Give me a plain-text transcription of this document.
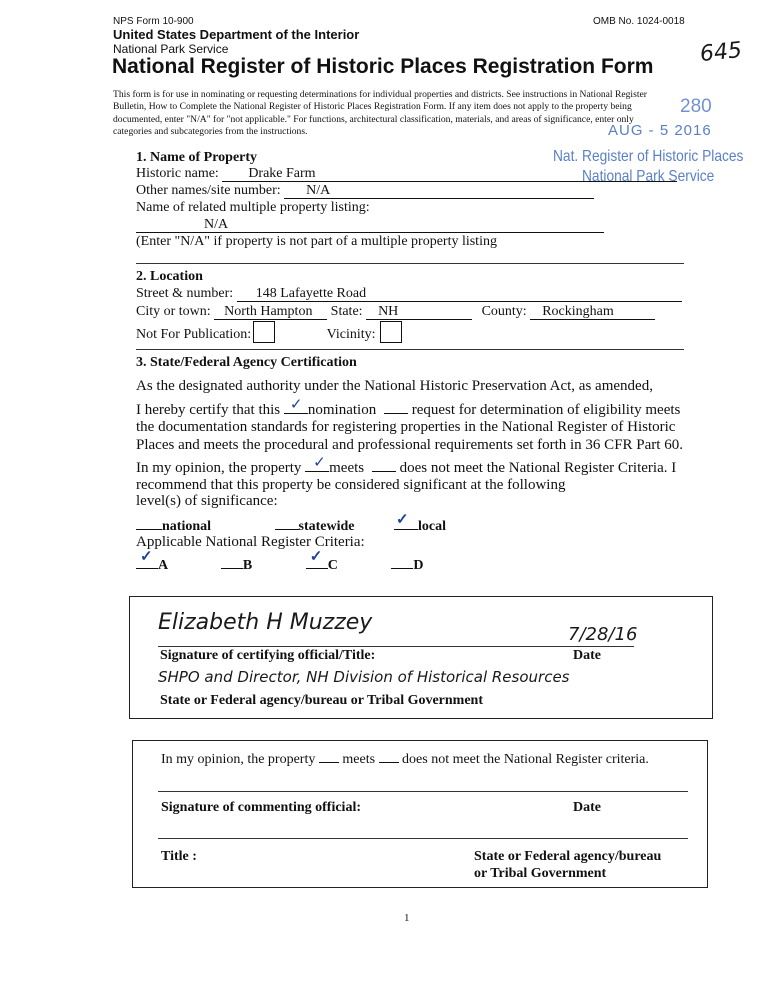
NPS Form 10-900	OMB No. 1024-0018
United States Department of the Interior
National Park Service
National Register of Historic Places Registration Form 645
This form is for use in nominating or requesting determinations for individual properties and districts. See instructions in National Register
Bulletin, How to Complete the National Register of Historic Places Registration Form. If any item does not apply to the property being
documented, enter "N/A" for "not applicable." For functions, architectural classification, materials, and areas of significance, enter only
categories and subcategories from the instructions.
280
AUG - 5 2016
Nat. Register of Historic Places
National Park Service
1. Name of Property
Historic name: Drake Farm
Other names/site number: N/A
Name of related multiple property listing:
N/A
(Enter "N/A" if property is not part of a multiple property listing
2. Location
Street & number: 148 Lafayette Road
City or town: North Hampton State: NH	County: Rockingham
Not For Publication:	Vicinity:
3. State/Federal Agency Certification
As the designated authority under the National Historic Preservation Act, as amended,
I hereby certify that this ✓ nomination request for determination of eligibility meets
the documentation standards for registering properties in the National Register of Historic
Places and meets the procedural and professional requirements set forth in 36 CFR Part 60.
In my opinion, the property ✓ meets does not meet the National Register Criteria. I
recommend that this property be considered significant at the following
level(s) of significance:
national	statewide	✓ local
Applicable National Register Criteria:
✓
A	B
✓
C	D
Elizabeth H Muzzey	7/28/16
Signature of certifying official/Title:	Date
SHPO and Director, NH Division of Historical Resources
State or Federal agency/bureau or Tribal Government
In my opinion, the property meets does not meet the National Register criteria.
Signature of commenting official:	Date
Title :	State or Federal agency/bureau
or Tribal Government
1
